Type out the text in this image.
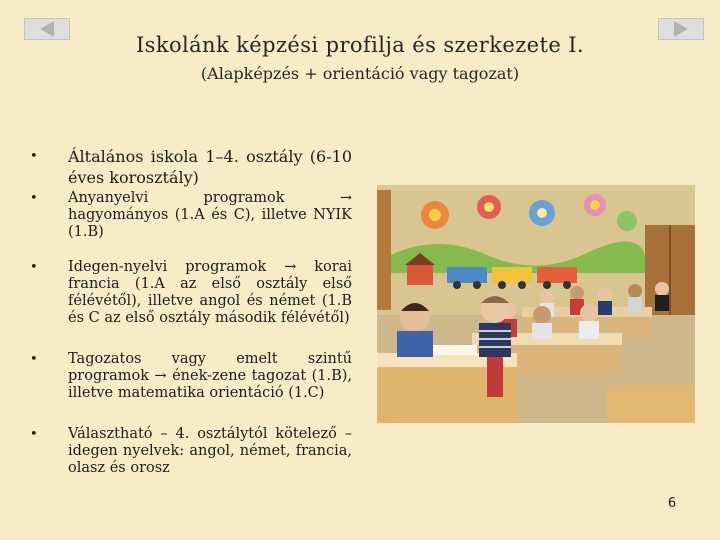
Iskolánk képzési profilja és szerkezete I.
(Alapképzés + orientáció vagy tagozat)

• Általános iskola 1–4. osztály (6-10 éves korosztály)

• Anyanyelvi programok → hagyományos (1.A és C), illetve NYIK (1.B)

• Idegen-nyelvi programok → korai francia (1.A az első osztály első félévétől), illetve angol és német (1.B és C az első osztály második félévétől)

• Tagozatos vagy emelt szintű programok → ének-zene tagozat (1.B), illetve matematika orientáció (1.C)

• Választható – 4. osztálytól kötelező – idegen nyelvek: angol, német, francia, olasz és orosz

6
